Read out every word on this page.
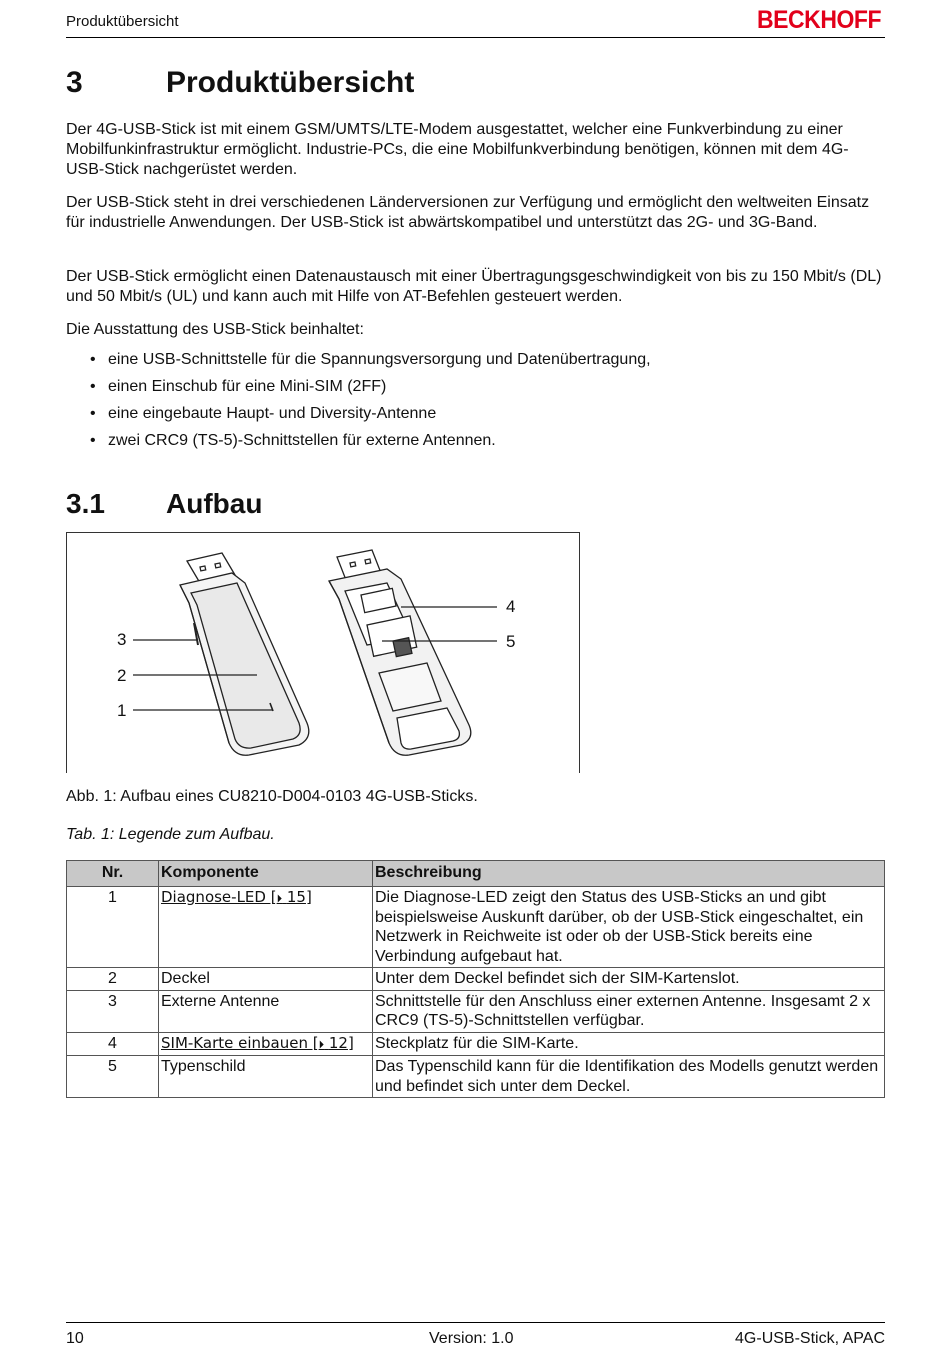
Produktübersicht	BECKHOFF
3	Produktübersicht
Der 4G-USB-Stick ist mit einem GSM/UMTS/LTE-Modem ausgestattet, welcher eine Funkverbindung zu einer Mobilfunkinfrastruktur ermöglicht. Industrie-PCs, die eine Mobilfunkverbindung benötigen, können mit dem 4G-USB-Stick nachgerüstet werden.
Der USB-Stick steht in drei verschiedenen Länderversionen zur Verfügung und ermöglicht den weltweiten Einsatz für industrielle Anwendungen. Der USB-Stick ist abwärtskompatibel und unterstützt das 2G- und 3G-Band.
Der USB-Stick ermöglicht einen Datenaustausch mit einer Übertragungsgeschwindigkeit von bis zu 150 Mbit/s (DL) und 50 Mbit/s (UL) und kann auch mit Hilfe von AT-Befehlen gesteuert werden.
Die Ausstattung des USB-Stick beinhaltet:
• eine USB-Schnittstelle für die Spannungsversorgung und Datenübertragung,
• einen Einschub für eine Mini-SIM (2FF)
• eine eingebaute Haupt- und Diversity-Antenne
• zwei CRC9 (TS-5)-Schnittstellen für externe Antennen.
3.1 Aufbau
3
2
1
4
5
Abb. 1: Aufbau eines CU8210-D004-0103 4G-USB-Sticks.
Tab. 1: Legende zum Aufbau.
Nr.	Komponente	Beschreibung
1	Diagnose-LED [⏵ 15]	Die Diagnose-LED zeigt den Status des USB-Sticks an und gibt beispielsweise Auskunft darüber, ob der USB-Stick eingeschaltet, ein Netzwerk in Reichweite ist oder ob der USB-Stick bereits eine Verbindung aufgebaut hat.
2	Deckel	Unter dem Deckel befindet sich der SIM-Kartenslot.
3	Externe Antenne	Schnittstelle für den Anschluss einer externen Antenne. Insgesamt 2 x CRC9 (TS-5)-Schnittstellen verfügbar.
4	SIM-Karte einbauen [⏵ 12]	Steckplatz für die SIM-Karte.
5	Typenschild	Das Typenschild kann für die Identifikation des Modells genutzt werden und befindet sich unter dem Deckel.
10	Version: 1.0	4G-USB-Stick, APAC
